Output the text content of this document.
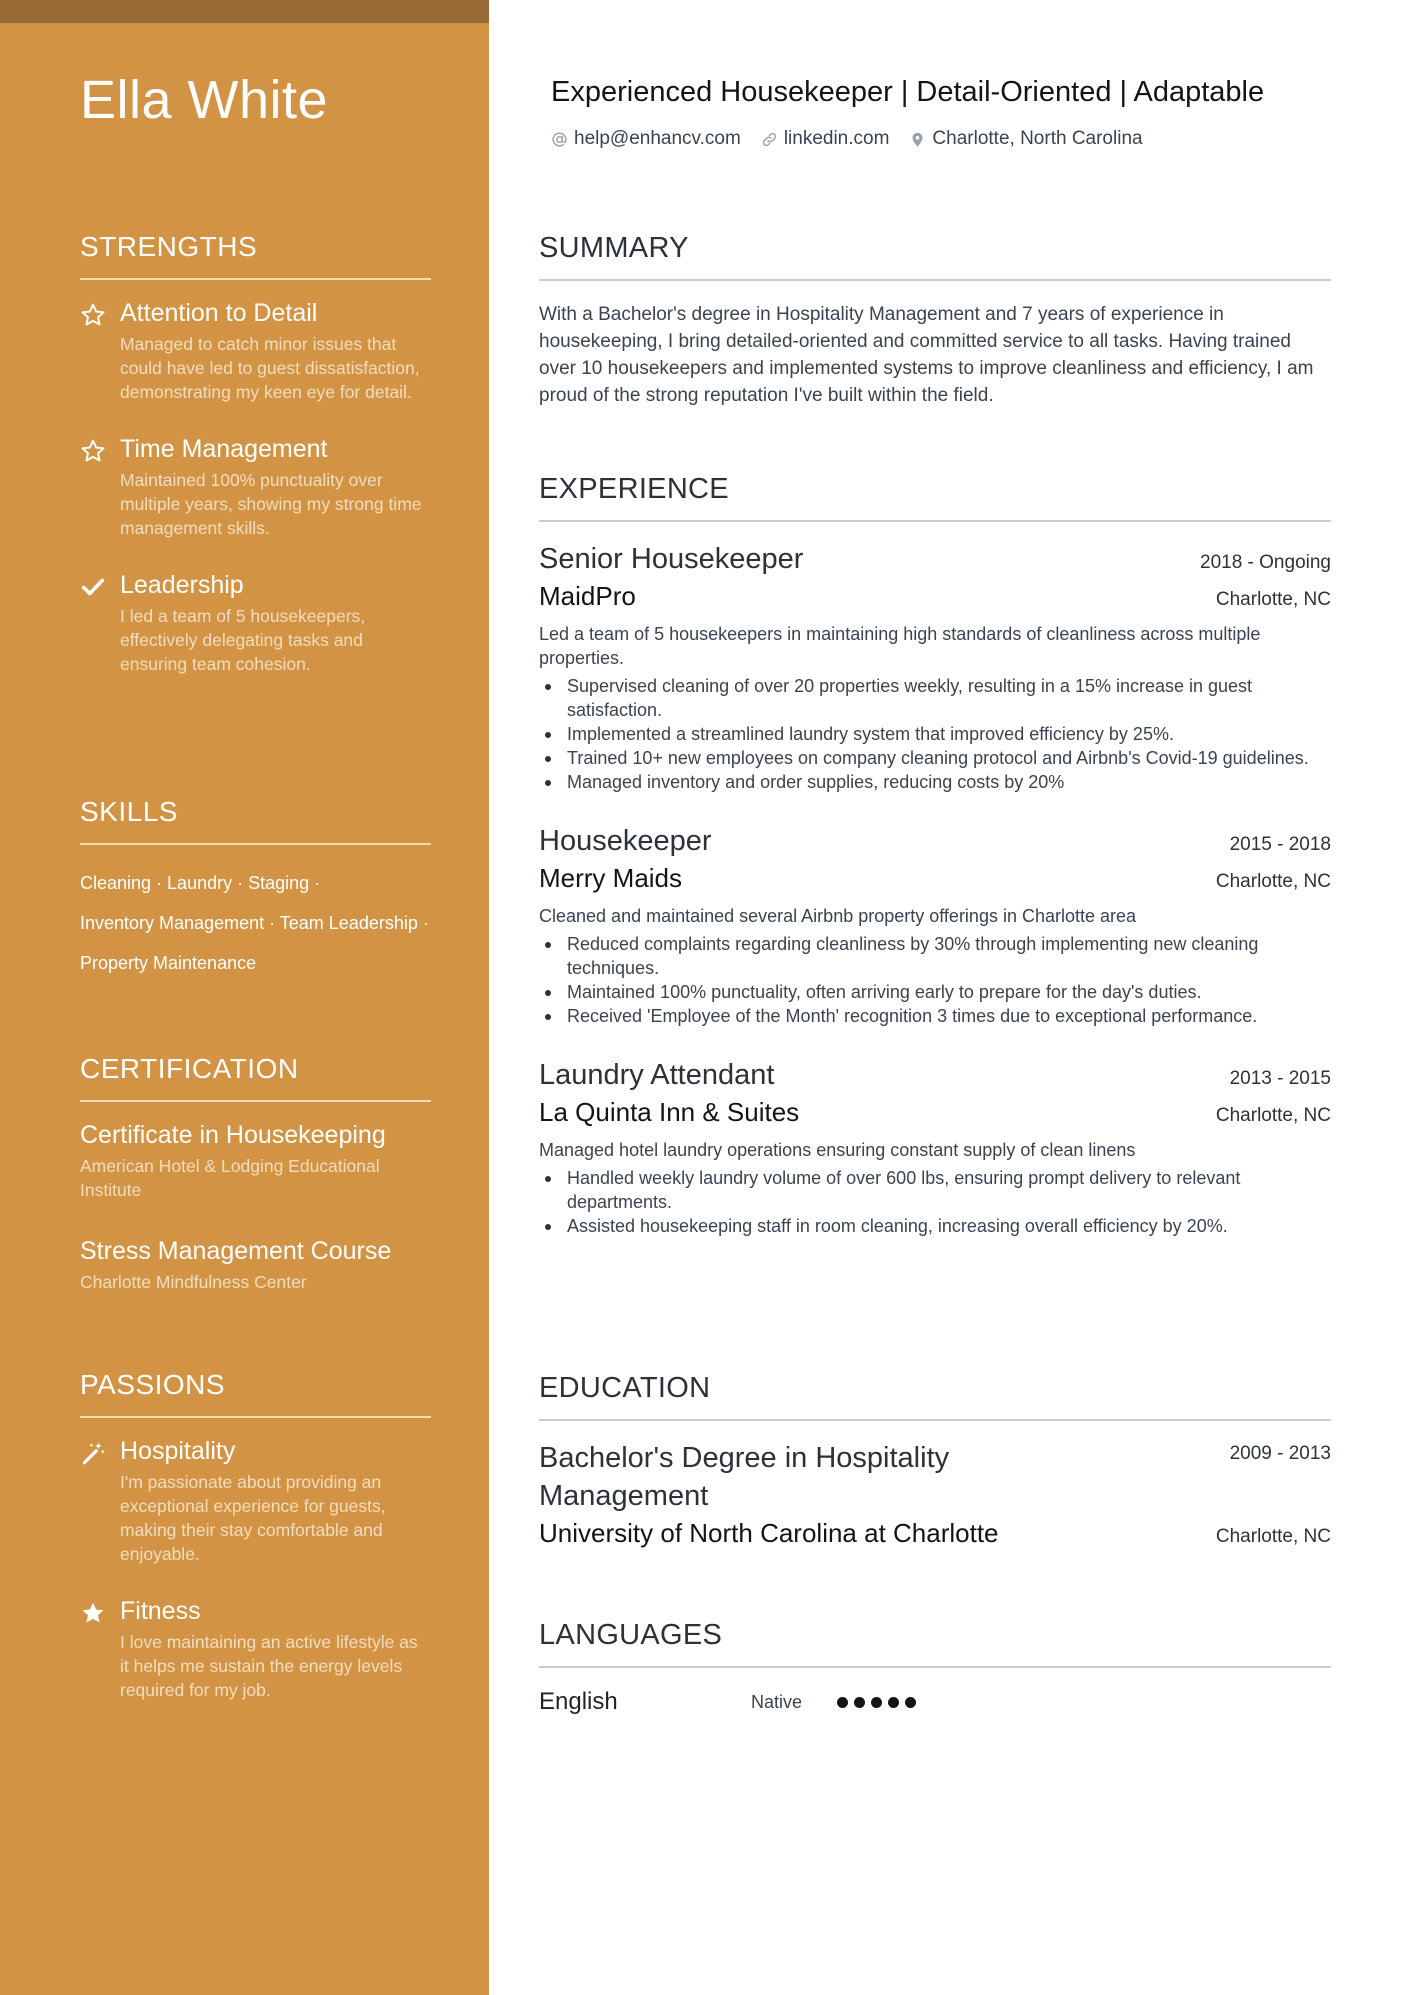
Ella White
STRENGTHS
Attention to Detail
Managed to catch minor issues that could have led to guest dissatisfaction, demonstrating my keen eye for detail.
Time Management
Maintained 100% punctuality over multiple years, showing my strong time management skills.
Leadership
I led a team of 5 housekeepers, effectively delegating tasks and ensuring team cohesion.
SKILLS
Cleaning · Laundry · Staging ·
Inventory Management · Team Leadership ·
Property Maintenance
CERTIFICATION
Certificate in Housekeeping
American Hotel & Lodging Educational Institute
Stress Management Course
Charlotte Mindfulness Center
PASSIONS
Hospitality
I'm passionate about providing an exceptional experience for guests, making their stay comfortable and enjoyable.
Fitness
I love maintaining an active lifestyle as it helps me sustain the energy levels required for my job.
Experienced Housekeeper | Detail-Oriented | Adaptable
help@enhancv.com linkedin.com Charlotte, North Carolina
SUMMARY
With a Bachelor's degree in Hospitality Management and 7 years of experience in housekeeping, I bring detailed-oriented and committed service to all tasks. Having trained over 10 housekeepers and implemented systems to improve cleanliness and efficiency, I am proud of the strong reputation I've built within the field.
EXPERIENCE
Senior Housekeeper	2018 - Ongoing
MaidPro	Charlotte, NC
Led a team of 5 housekeepers in maintaining high standards of cleanliness across multiple properties.
Supervised cleaning of over 20 properties weekly, resulting in a 15% increase in guest satisfaction.
Implemented a streamlined laundry system that improved efficiency by 25%.
Trained 10+ new employees on company cleaning protocol and Airbnb's Covid-19 guidelines.
Managed inventory and order supplies, reducing costs by 20%
Housekeeper	2015 - 2018
Merry Maids	Charlotte, NC
Cleaned and maintained several Airbnb property offerings in Charlotte area
Reduced complaints regarding cleanliness by 30% through implementing new cleaning techniques.
Maintained 100% punctuality, often arriving early to prepare for the day's duties.
Received 'Employee of the Month' recognition 3 times due to exceptional performance.
Laundry Attendant	2013 - 2015
La Quinta Inn & Suites	Charlotte, NC
Managed hotel laundry operations ensuring constant supply of clean linens
Handled weekly laundry volume of over 600 lbs, ensuring prompt delivery to relevant departments.
Assisted housekeeping staff in room cleaning, increasing overall efficiency by 20%.
EDUCATION
Bachelor's Degree in Hospitality Management
2009 - 2013
University of North Carolina at Charlotte	Charlotte, NC
LANGUAGES
English	Native
